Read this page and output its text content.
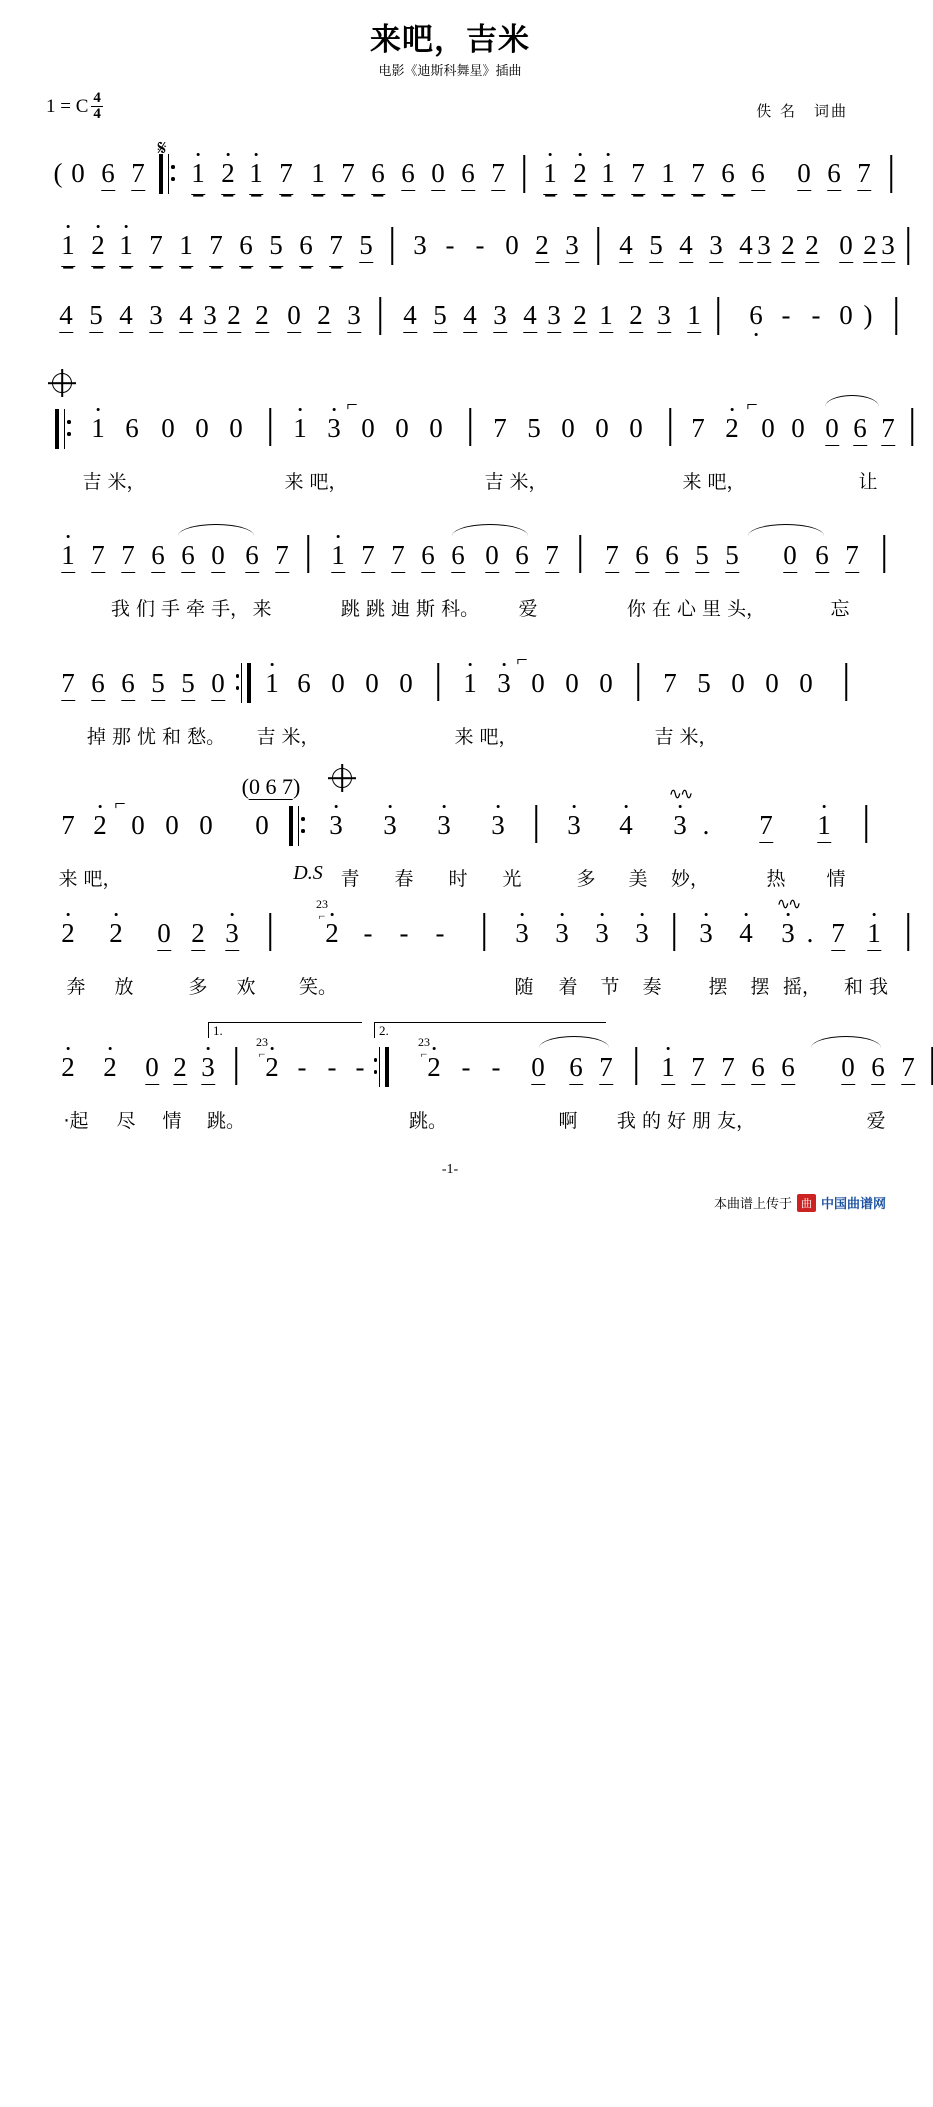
来吧，吉米
电影《迪斯科舞星》插曲
1 = C $\frac{4}{4}$	佚 名　词曲

𝄋

(

0

6

7

1

2

1

7

1

7

6

6

0

6

7

1

2

1

7

1

7

6

6

0

6

7

1

2

1

7

1

7

6

5

6

7

5

3

-

-

0

2

3

4

5

4

3

4

3

2

2

0

2

3

4

5

4

3

4

3

2

2

0

2

3

4

5

4

3

4

3

2

1

2

3

1

6

-

-

0

)

1

6

0

0

0

1

3

⌐

0

0

0

7

5

0

0

0

7

2

⌐

0

0

0

6

7

吉 米，

	来 吧，

	吉 米，

	来 吧，

	让

1

7

7

6

6

0

6

7

1

7

7

6

6

0

6

7

7

6

6

5

5

0

6

7

我 们 手 牵 手，

来

	跳 跳 迪 斯 科。

爱

	你 在 心 里 头，

	忘

7

6

6

5

5

0

1

6

0

0

0

1

3

⌐

0

0

0

7

5

0

0

0

掉 那 忧 和 愁。

吉 米，

	来 吧，

	吉 米，

(0 6 7)

7

2

⌐

0

0

0

0

3

3

3

3

3

4

∿∿

3

.

7

1

来 吧，

	D.S

青

春

时

光

	多

美

妙，

	热

情

2

2

0

2

3

23
⌐

2

-

-

-

	3

3

3

3

3

4

∿∿

3

.

7

1

奔

放

	多

欢

笑。

	随

着

节

奏

摆

摆

摇，

和 我

1.

	2.

2

2

0

2

3

23
⌐

2

-

-

-

23
⌐

2

-

-

0

6

7

1

7

7

6

6

0

6

7

·起

尽

情

跳。

	跳。

	啊

我 的 好 朋 友，

	爱

-1-
本曲谱上传于 曲 中国曲谱网
